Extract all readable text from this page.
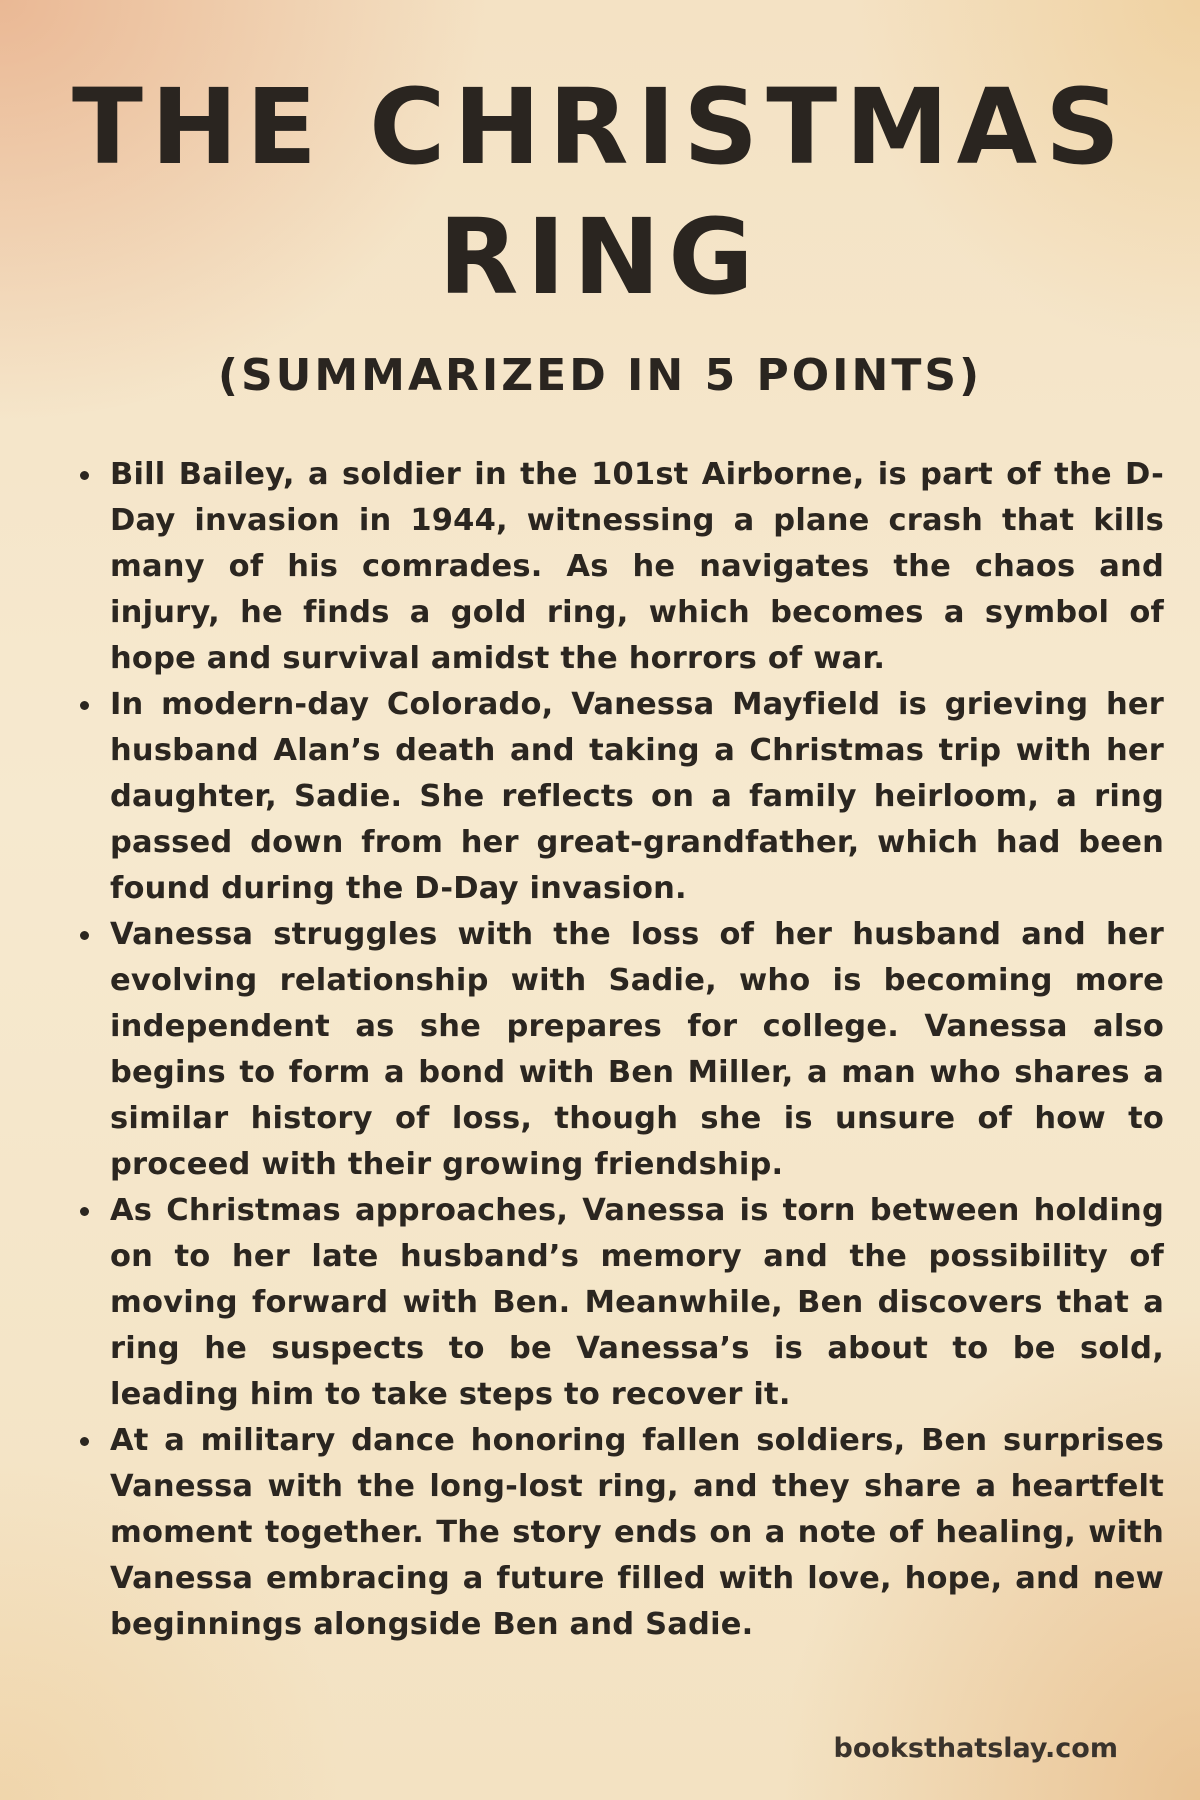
THE CHRISTMAS RING
(SUMMARIZED IN 5 POINTS)
Bill Bailey, a soldier in the 101st Airborne, is part of the D-Day invasion in 1944, witnessing a plane crash that kills many of his comrades. As he navigates the chaos and injury, he finds a gold ring, which becomes a symbol of hope and survival amidst the horrors of war.
In modern-day Colorado, Vanessa Mayfield is grieving her husband Alan’s death and taking a Christmas trip with her daughter, Sadie. She reflects on a family heirloom, a ring passed down from her great-grandfather, which had been found during the D-Day invasion.
Vanessa struggles with the loss of her husband and her evolving relationship with Sadie, who is becoming more independent as she prepares for college. Vanessa also begins to form a bond with Ben Miller, a man who shares a similar history of loss, though she is unsure of how to proceed with their growing friendship.
As Christmas approaches, Vanessa is torn between holding on to her late husband’s memory and the possibility of moving forward with Ben. Meanwhile, Ben discovers that a ring he suspects to be Vanessa’s is about to be sold, leading him to take steps to recover it.
At a military dance honoring fallen soldiers, Ben surprises Vanessa with the long-lost ring, and they share a heartfelt moment together. The story ends on a note of healing, with Vanessa embracing a future filled with love, hope, and new beginnings alongside Ben and Sadie.
booksthatslay.com
